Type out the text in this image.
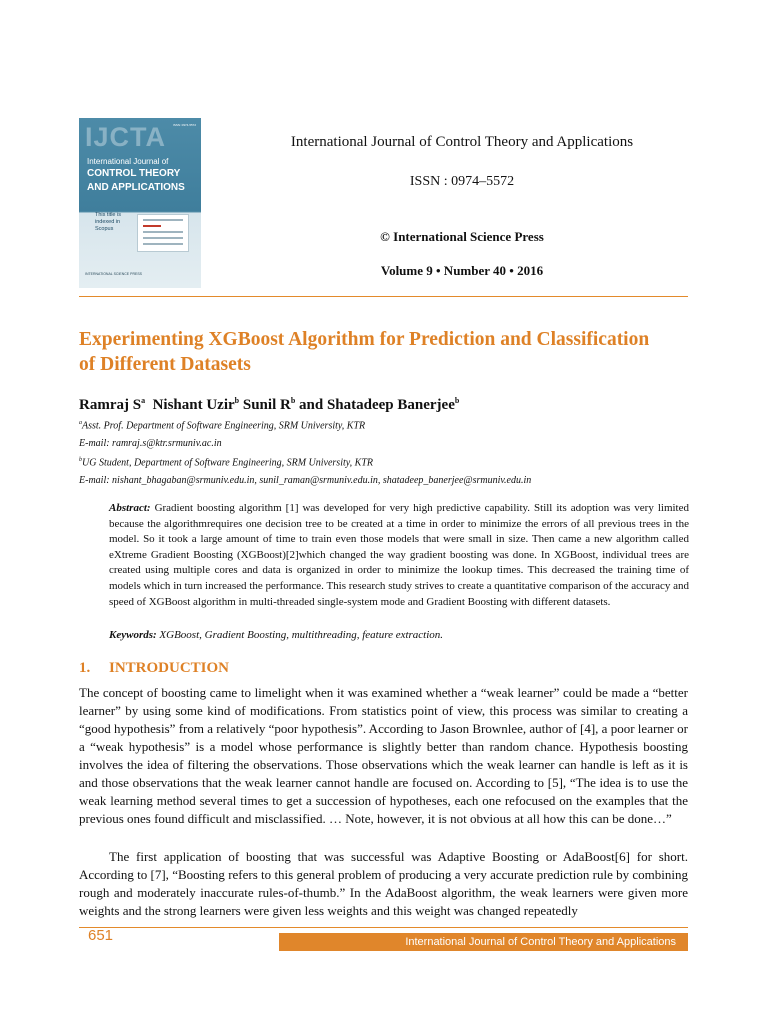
IJCTA ISSN: 0974-5572
International Journal of
CONTROL THEORY AND APPLICATIONS
This title is indexed in Scopus
INTERNATIONAL SCIENCE PRESS
International Journal of Control Theory and Applications
ISSN : 0974–5572
© International Science Press
Volume 9 • Number 40 • 2016
Experimenting XGBoost Algorithm for Prediction and Classification of Different Datasets
Ramraj $S^a$ Nishant Uzir$^b$ Sunil $R^b$ and Shatadeep Banerjee$^b$
$^a$Asst. Prof. Department of Software Engineering, SRM University, KTR
E-mail: ramraj.s@ktr.srmuniv.ac.in
$^b$UG Student, Department of Software Engineering, SRM University, KTR
E-mail: nishant_bhagaban@srmuniv.edu.in, sunil_raman@srmuniv.edu.in, shatadeep_banerjee@srmuniv.edu.in
Abstract: Gradient boosting algorithm [1] was developed for very high predictive capability. Still its adoption was very limited because the algorithmrequires one decision tree to be created at a time in order to minimize the errors of all previous trees in the model. So it took a large amount of time to train even those models that were small in size. Then came a new algorithm called eXtreme Gradient Boosting (XGBoost)[2]which changed the way gradient boosting was done. In XGBoost, individual trees are created using multiple cores and data is organized in order to minimize the lookup times. This decreased the training time of models which in turn increased the performance. This research study strives to create a quantitative comparison of the accuracy and speed of XGBoost algorithm in multi-threaded single-system mode and Gradient Boosting with different datasets.
Keywords: XGBoost, Gradient Boosting, multithreading, feature extraction.
1. INTRODUCTION
The concept of boosting came to limelight when it was examined whether a “weak learner” could be made a “better learner” by using some kind of modifications. From statistics point of view, this process was similar to creating a “good hypothesis” from a relatively “poor hypothesis”. According to Jason Brownlee, author of [4], a poor learner or a “weak hypothesis” is a model whose performance is slightly better than random chance. Hypothesis boosting involves the idea of filtering the observations. Those observations which the weak learner can handle is left as it is and those observations that the weak learner cannot handle are focused on. According to [5], “The idea is to use the weak learning method several times to get a succession of hypotheses, each one refocused on the examples that the previous ones found difficult and misclassified. … Note, however, it is not obvious at all how this can be done…”
The first application of boosting that was successful was Adaptive Boosting or AdaBoost[6] for short. According to [7], “Boosting refers to this general problem of producing a very accurate prediction rule by combining rough and moderately inaccurate rules-of-thumb.” In the AdaBoost algorithm, the weak learners were given more weights and the strong learners were given less weights and this weight was changed repeatedly
651	International Journal of Control Theory and Applications
